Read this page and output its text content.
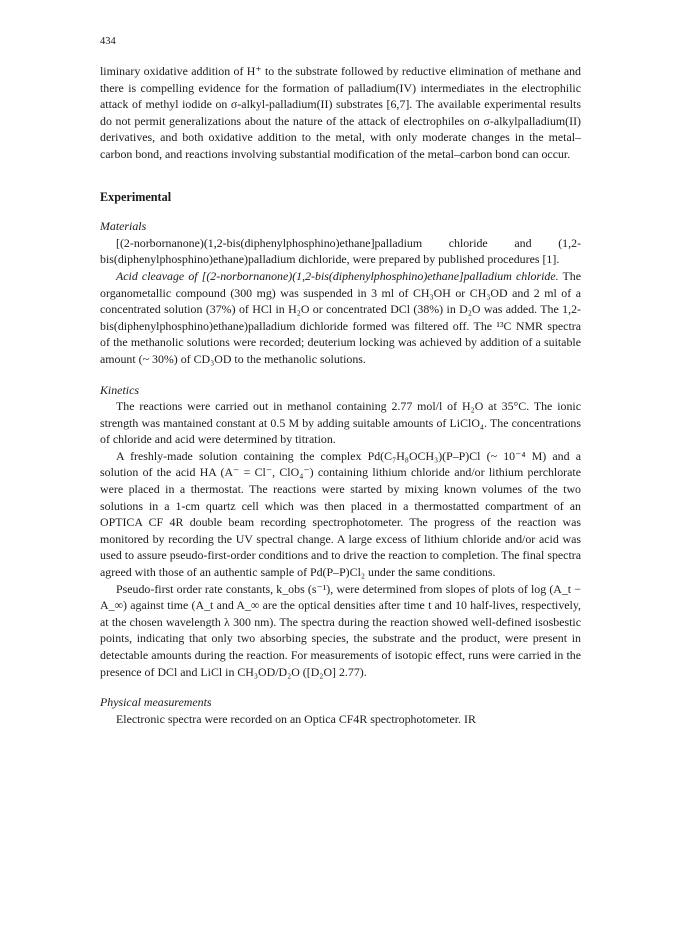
434

liminary oxidative addition of H⁺ to the substrate followed by reductive elimination of methane and there is compelling evidence for the formation of palladium(IV) intermediates in the electrophilic attack of methyl iodide on σ-alkyl-palladium(II) substrates [6,7]. The available experimental results do not permit generalizations about the nature of the attack of electrophiles on σ-alkylpalladium(II) derivatives, and both oxidative addition to the metal, with only moderate changes in the metal–carbon bond, and reactions involving substantial modification of the metal–carbon bond can occur.

Experimental
Materials

[(2-norbornanone)(1,2-bis(diphenylphosphino)ethane]palladium chloride and (1,2-bis(diphenylphosphino)ethane)palladium dichloride, were prepared by published procedures [1].

Acid cleavage of [(2-norbornanone)(1,2-bis(diphenylphosphino)ethane]palladium chloride. The organometallic compound (300 mg) was suspended in 3 ml of CH₃OH or CH₃OD and 2 ml of a concentrated solution (37%) of HCl in H₂O or concentrated DCl (38%) in D₂O was added. The 1,2-bis(diphenylphosphino)ethane)palladium dichloride formed was filtered off. The ¹³C NMR spectra of the methanolic solutions were recorded; deuterium locking was achieved by addition of a suitable amount (~ 30%) of CD₃OD to the methanolic solutions.

Kinetics

The reactions were carried out in methanol containing 2.77 mol/l of H₂O at 35°C. The ionic strength was mantained constant at 0.5 M by adding suitable amounts of LiClO₄. The concentrations of chloride and acid were determined by titration.

A freshly-made solution containing the complex Pd(C₇H₈OCH₃)(P–P)Cl (~ 10⁻⁴ M) and a solution of the acid HA (A⁻ = Cl⁻, ClO₄⁻) containing lithium chloride and/or lithium perchlorate were placed in a thermostat. The reactions were started by mixing known volumes of the two solutions in a 1-cm quartz cell which was then placed in a thermostatted compartment of an OPTICA CF 4R double beam recording spectrophotometer. The progress of the reaction was monitored by recording the UV spectral change. A large excess of lithium chloride and/or acid was used to assure pseudo-first-order conditions and to drive the reaction to completion. The final spectra agreed with those of an authentic sample of Pd(P–P)Cl₂ under the same conditions.

Pseudo-first order rate constants, k_obs (s⁻¹), were determined from slopes of plots of log (A_t − A_∞) against time (A_t and A_∞ are the optical densities after time t and 10 half-lives, respectively, at the chosen wavelength λ 300 nm). The spectra during the reaction showed well-defined isosbestic points, indicating that only two absorbing species, the substrate and the product, were present in detectable amounts during the reaction. For measurements of isotopic effect, runs were carried in the presence of DCl and LiCl in CH₃OD/D₂O ([D₂O] 2.77).

Physical measurements

Electronic spectra were recorded on an Optica CF4R spectrophotometer. IR
